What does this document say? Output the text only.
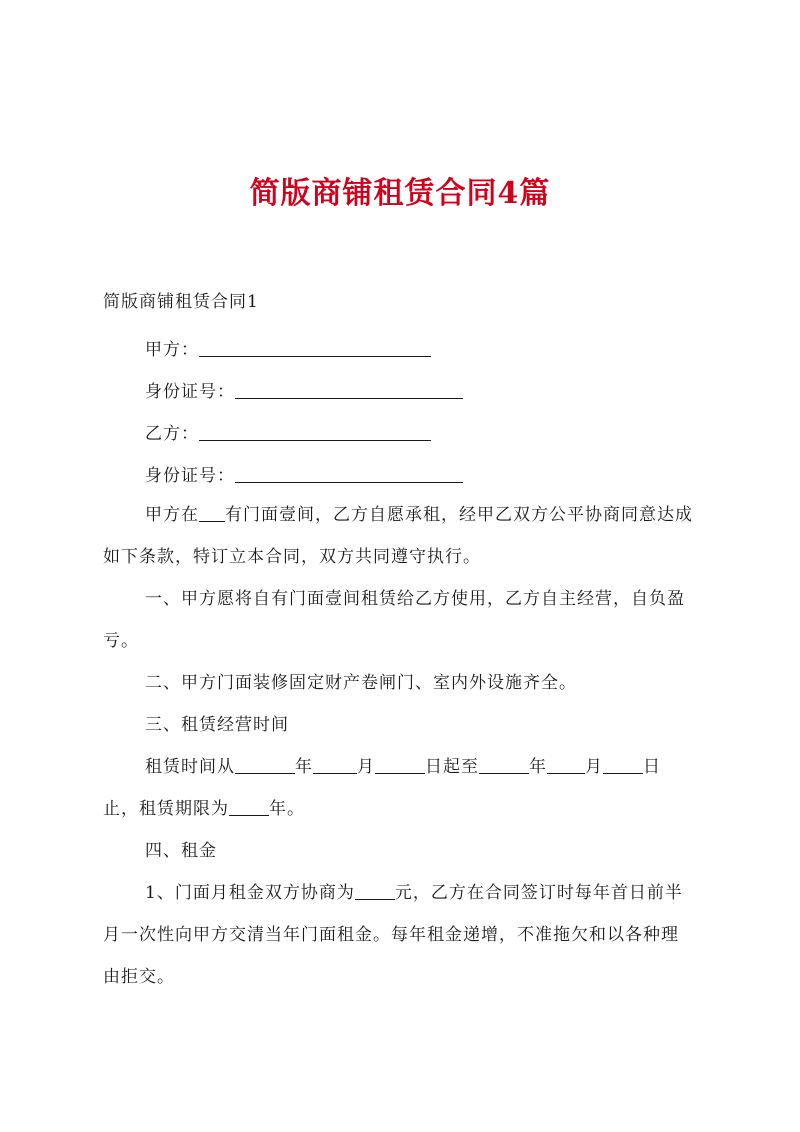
简版商铺租赁合同4篇
简版商铺租赁合同1
甲方：
身份证号：
乙方：
身份证号：
甲方在 有门面壹间，乙方自愿承租，经甲乙双方公平协商同意达成
如下条款，特订立本合同，双方共同遵守执行。
一、甲方愿将自有门面壹间租赁给乙方使用，乙方自主经营，自负盈
亏。
二、甲方门面装修固定财产卷闸门、室内外设施齐全。
三、租赁经营时间
租赁时间从	年	月	日起至	年 月 日
止，租赁期限为 年。
四、租金
1、门面月租金双方协商为 元，乙方在合同签订时每年首日前半
月一次性向甲方交清当年门面租金。每年租金递增，不准拖欠和以各种理
由拒交。
